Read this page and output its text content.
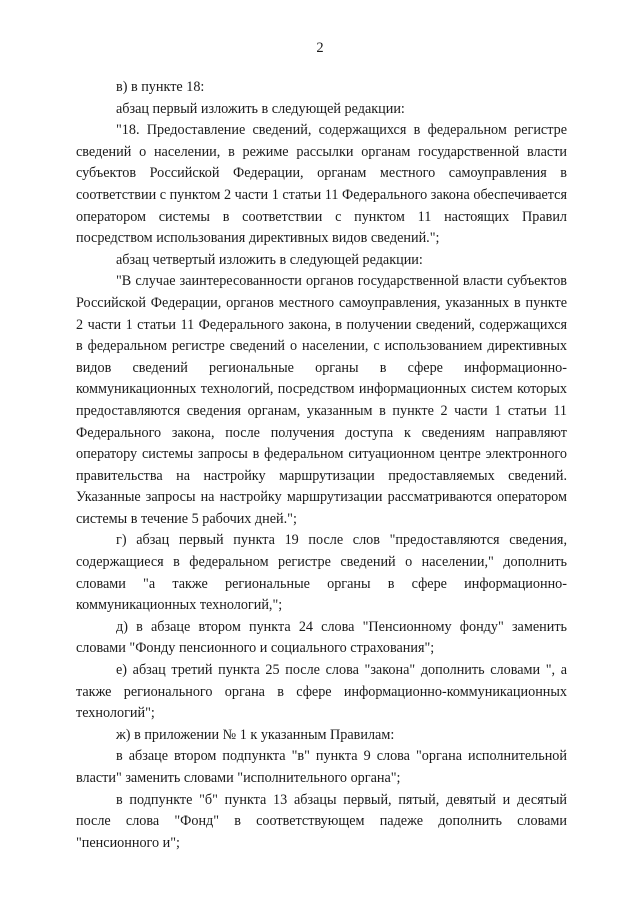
2

в) в пункте 18:

абзац первый изложить в следующей редакции:

"18. Предоставление сведений, содержащихся в федеральном регистре сведений о населении, в режиме рассылки органам государственной власти субъектов Российской Федерации, органам местного самоуправления в соответствии с пунктом 2 части 1 статьи 11 Федерального закона обеспечивается оператором системы в соответствии с пунктом 11 настоящих Правил посредством использования директивных видов сведений.";

абзац четвертый изложить в следующей редакции:

"В случае заинтересованности органов государственной власти субъектов Российской Федерации, органов местного самоуправления, указанных в пункте 2 части 1 статьи 11 Федерального закона, в получении сведений, содержащихся в федеральном регистре сведений о населении, с использованием директивных видов сведений региональные органы в сфере информационно-коммуникационных технологий, посредством информационных систем которых предоставляются сведения органам, указанным в пункте 2 части 1 статьи 11 Федерального закона, после получения доступа к сведениям направляют оператору системы запросы в федеральном ситуационном центре электронного правительства на настройку маршрутизации предоставляемых сведений. Указанные запросы на настройку маршрутизации рассматриваются оператором системы в течение 5 рабочих дней.";

г) абзац первый пункта 19 после слов "предоставляются сведения, содержащиеся в федеральном регистре сведений о населении," дополнить словами "а также региональные органы в сфере информационно-коммуникационных технологий,";

д) в абзаце втором пункта 24 слова "Пенсионному фонду" заменить словами "Фонду пенсионного и социального страхования";

е) абзац третий пункта 25 после слова "закона" дополнить словами ", а также регионального органа в сфере информационно-коммуникационных технологий";

ж) в приложении № 1 к указанным Правилам:

в абзаце втором подпункта "в" пункта 9 слова "органа исполнительной власти" заменить словами "исполнительного органа";

в подпункте "б" пункта 13 абзацы первый, пятый, девятый и десятый после слова "Фонд" в соответствующем падеже дополнить словами "пенсионного и";
